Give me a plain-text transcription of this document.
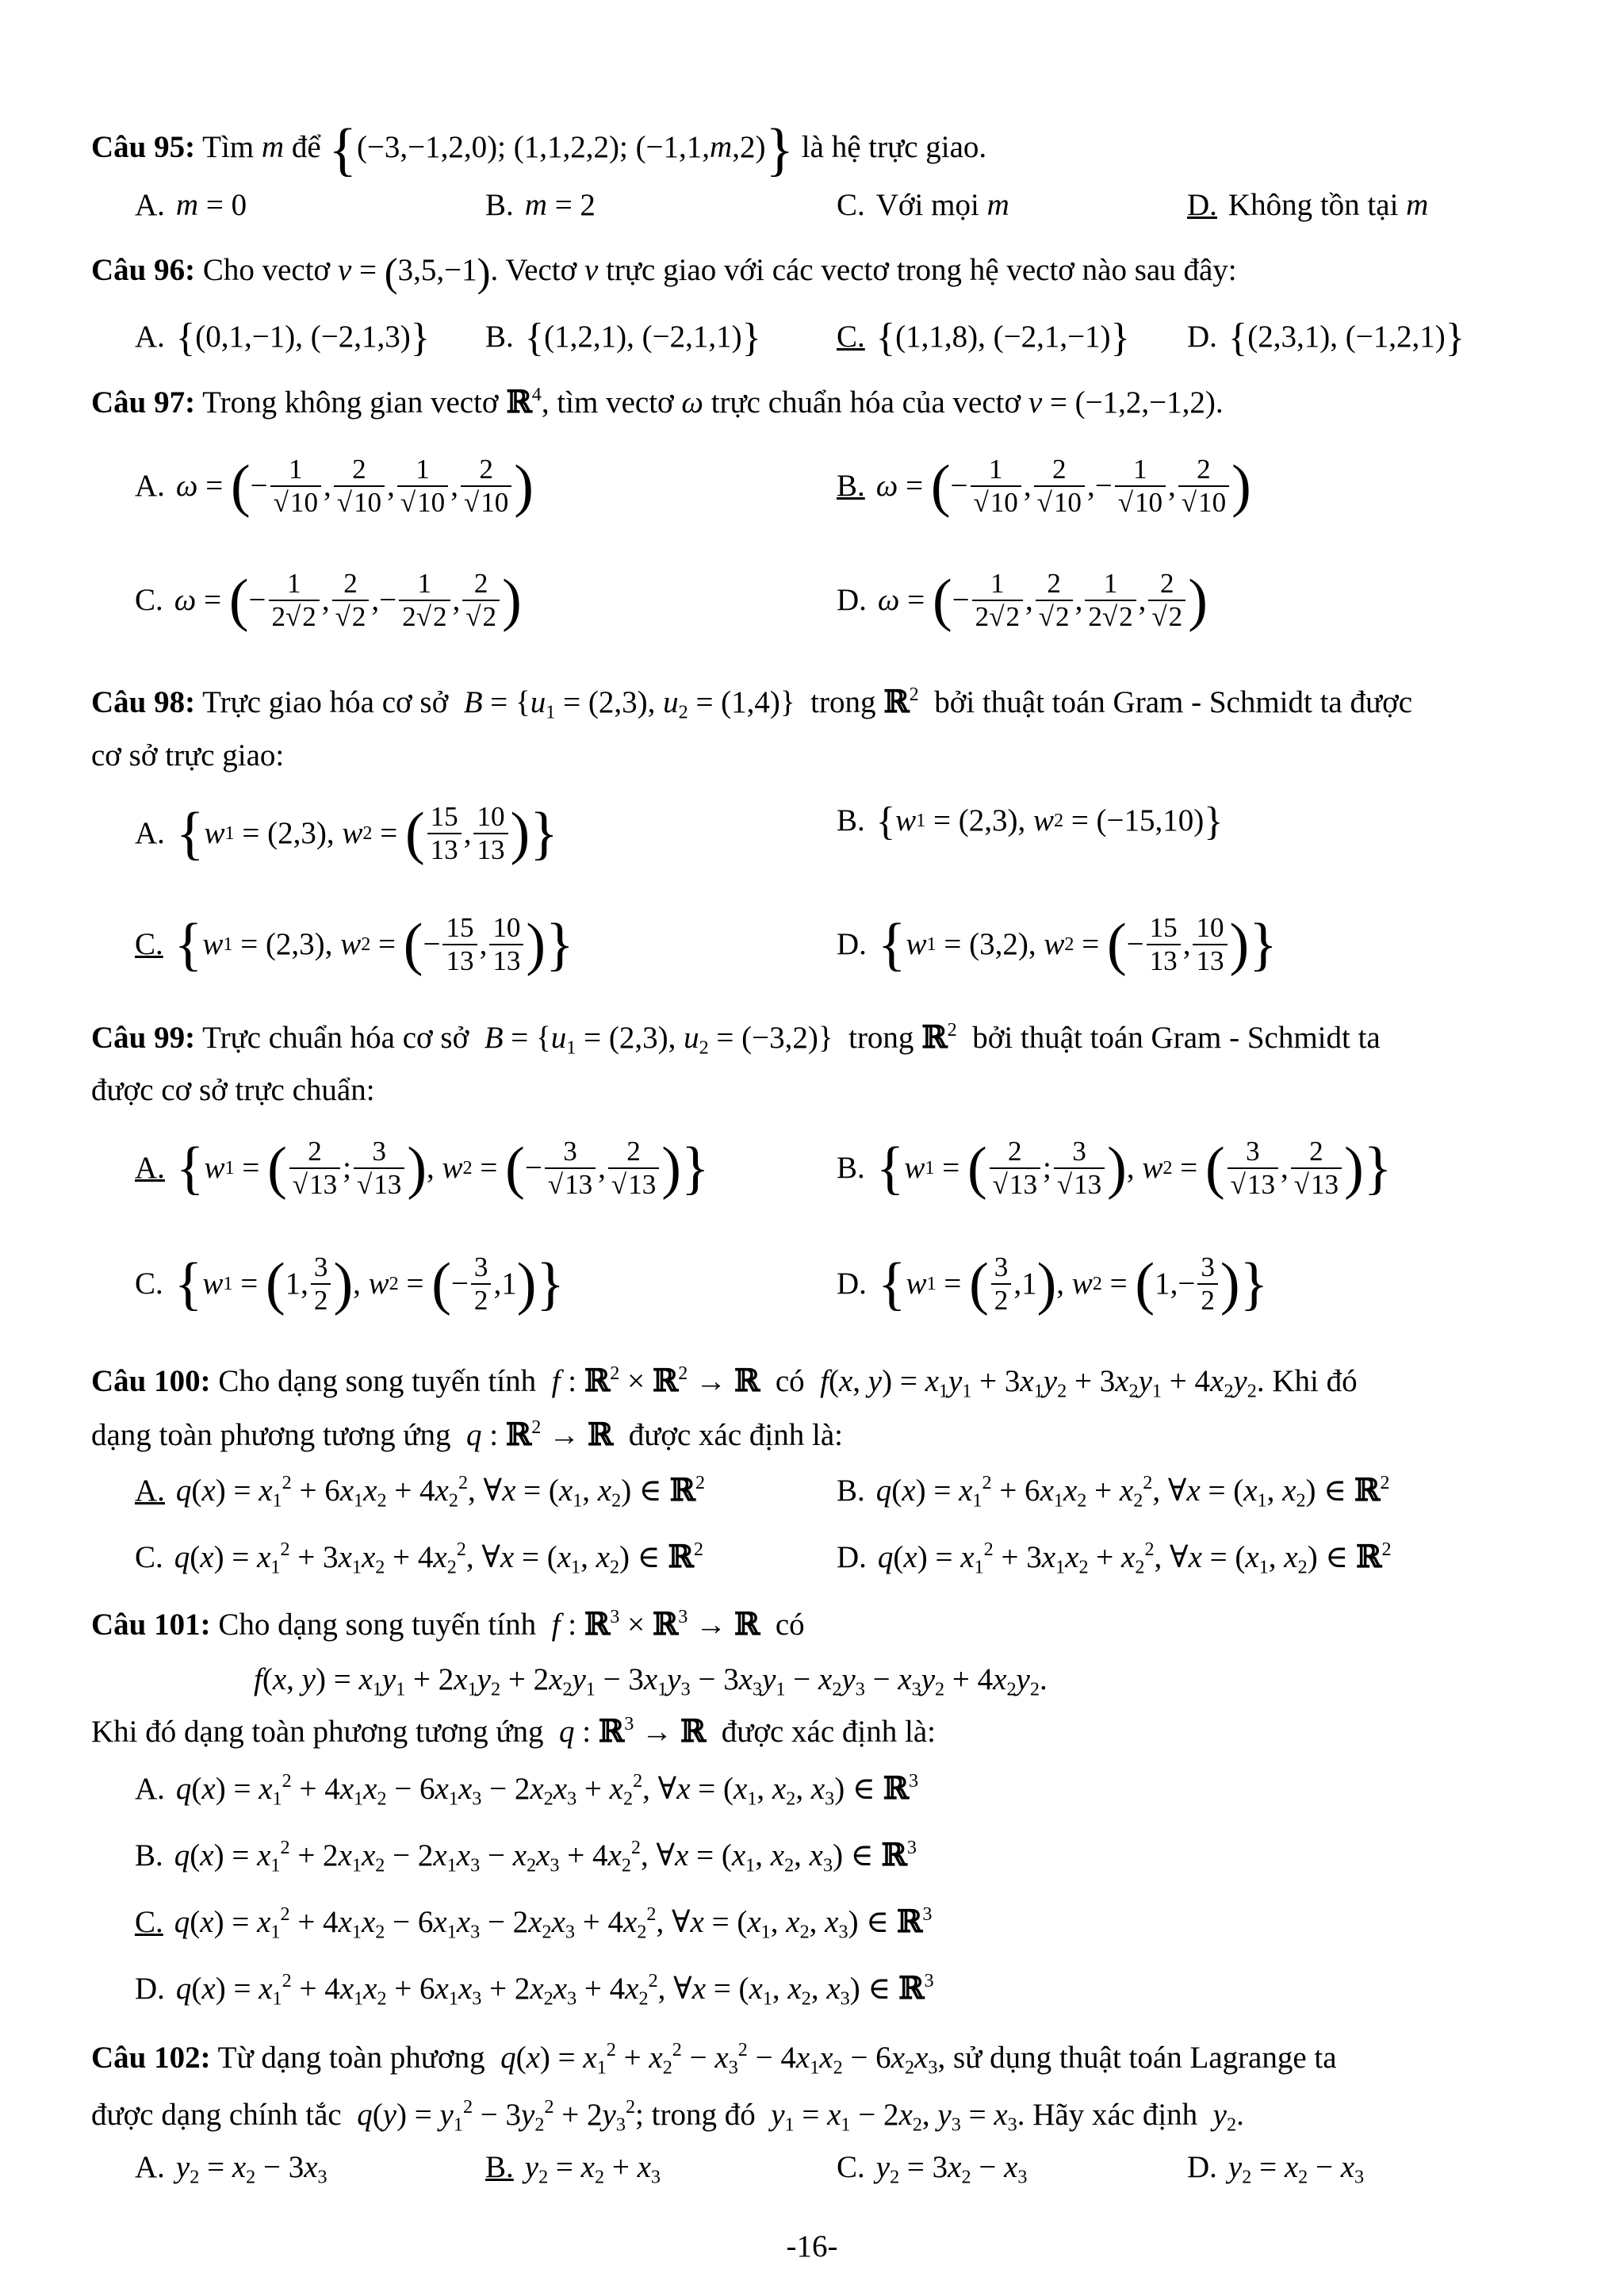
Câu 95: Tìm m để {(−3,−1,2,0); (1,1,2,2); (−1,1,m,2)} là hệ trực giao.
A. m = 0	B. m = 2	C. Với mọi m	D. Không tồn tại m
Câu 96: Cho vectơ v = (3,5,−1). Vectơ v trực giao với các vectơ trong hệ vectơ nào sau đây:
A. { (0,1,−1), (−2,1,3) } B. { (1,2,1), (−2,1,1) } C. { (1,1,8), (−2,1,−1) } D. { (2,3,1), (−1,2,1) }
Câu 97: Trong không gian vectơ ℝ$^4$, tìm vectơ ω trực chuẩn hóa của vectơ v = (−1,2,−1,2).
A. ω = ( − $\frac{1}{√10}$ , $\frac{2}{√10}$ , $\frac{1}{√10}$ , $\frac{2}{√10}$ )	B. ω = ( − $\frac{1}{√10}$ , $\frac{2}{√10}$ ,− $\frac{1}{√10}$ , $\frac{2}{√10}$ )
C. ω = ( − $\frac{1}{2√2}$ , $\frac{2}{√2}$ ,− $\frac{1}{2√2}$ , $\frac{2}{√2}$ )	D. ω = ( − $\frac{1}{2√2}$ , $\frac{2}{√2}$ , $\frac{1}{2√2}$ , $\frac{2}{√2}$ )
Câu 98: Trực giao hóa cơ sở  $B = \{u_1 = (2,3)$, $u_2 = (1,4)$}  trong ℝ$^2$  bởi thuật toán Gram - Schmidt ta được
cơ sở trực giao:
A. { w 1 = (2,3), w 2 = ( $\frac{15}{13}$ , $\frac{10}{13}$ ) }	B. { w 1 = (2,3), w 2 = (−15,10) }
C. { w 1 = (2,3), w 2 = ( − $\frac{15}{13}$ , $\frac{10}{13}$ ) }	D. { w 1 = (3,2), w 2 = ( − $\frac{15}{13}$ , $\frac{10}{13}$ ) }
Câu 99: Trực chuẩn hóa cơ sở  $B = \{u_1 = (2,3)$, $u_2 = (-3,2)$}  trong ℝ$^2$  bởi thuật toán Gram - Schmidt ta
được cơ sở trực chuẩn:
A. { w 1 = ( $\frac{2}{√13}$ ; $\frac{3}{√13}$ ) , w 2 = ( − $\frac{3}{√13}$ , $\frac{2}{√13}$ ) }	B. { w 1 = ( $\frac{2}{√13}$ ; $\frac{3}{√13}$ ) , w 2 = ( $\frac{3}{√13}$ , $\frac{2}{√13}$ ) }
C. { w 1 = ( 1, $\frac{3}{2}$ ) , w 2 = ( − $\frac{3}{2} ,1$ ) }	D. { w 1 = ( $\frac{3}{2} ,1$ ) , w 2 = ( $1,- \frac{3}{2}$ ) }
Câu 100: Cho dạng song tuyến tính  f : ℝ$^2$ × ℝ$^2$ → ℝ  có  f(x, $y) = x_1y_1 + 3x_1y_2 + 3x_2y_1 + 4x_2y_2$. Khi đó
dạng toàn phương tương ứng  q : ℝ$^2$ → ℝ  được xác định là:
A. $q(x) = x_1^2 + 6x_1x_2 + 4x_2^2$, ∀x = ($x_1$, $x_2$) ∈ ℝ$^2$	B. $q(x) = x_1^2 + 6x_1x_2 + x_2^2$, ∀x = ($x_1$, $x_2$) ∈ ℝ$^2$
C. $q(x) = x_1^2 + 3x_1x_2 + 4x_2^2$, ∀x = ($x_1$, $x_2$) ∈ ℝ$^2$	D. $q(x) = x_1^2 + 3x_1x_2 + x_2^2$, ∀x = ($x_1$, $x_2$) ∈ ℝ$^2$
Câu 101: Cho dạng song tuyến tính  f : ℝ$^3$ × ℝ$^3$ → ℝ  có
f(x, $y) = x_1y_1 + 2x_1y_2 + 2x_2y_1 - 3x_1y_3 - 3x_3y_1 - x_2y_3 - x_3y_2 + 4x_2y_2$.
Khi đó dạng toàn phương tương ứng  q : ℝ$^3$ → ℝ  được xác định là:
A. $q(x) = x_1^2 + 4x_1x_2 - 6x_1x_3 - 2x_2x_3 + x_2^2$, ∀x = ($x_1$, $x_2$, $x_3$) ∈ ℝ$^3$
B. $q(x) = x_1^2 + 2x_1x_2 - 2x_1x_3 - x_2x_3 + 4x_2^2$, ∀x = ($x_1$, $x_2$, $x_3$) ∈ ℝ$^3$
C. $q(x) = x_1^2 + 4x_1x_2 - 6x_1x_3 - 2x_2x_3 + 4x_2^2$, ∀x = ($x_1$, $x_2$, $x_3$) ∈ ℝ$^3$
D. $q(x) = x_1^2 + 4x_1x_2 + 6x_1x_3 + 2x_2x_3 + 4x_2^2$, ∀x = ($x_1$, $x_2$, $x_3$) ∈ ℝ$^3$
Câu 102: Từ dạng toàn phương  $q(x) = x_1^2 + x_2^2 - x_3^2 - 4x_1x_2 - 6x_2x_3$, sử dụng thuật toán Lagrange ta
được dạng chính tắc  $q(y) = y_1^2 - 3y_2^2 + 2y_3^2$; trong đó  $y_1 = x_1 - 2x_2$, $y_3 = x_3$. Hãy xác định  $y_2$.
A. $y_2 = x_2 - 3x_3$	B. $y_2 = x_2 + x_3$	C. $y_2 = 3x_2 - x_3$	D. $y_2 = x_2 - x_3$
-16-
